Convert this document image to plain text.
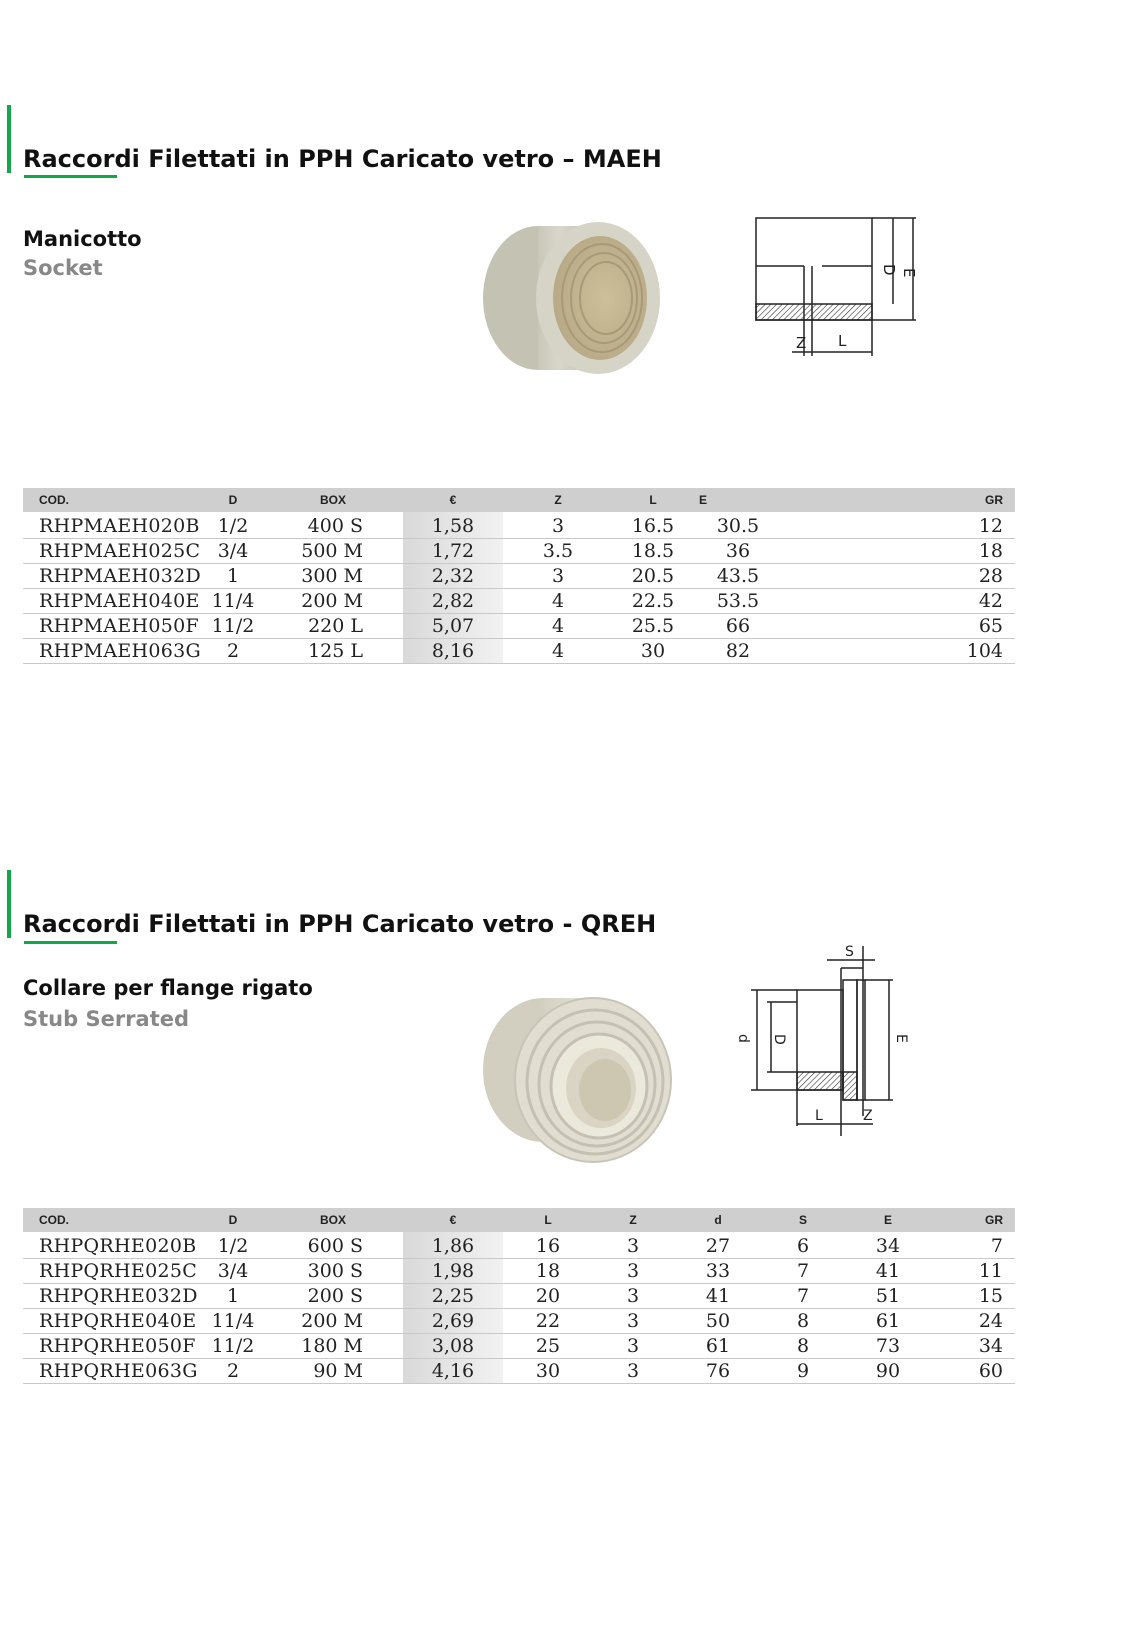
Raccordi Filettati in PPH Caricato vetro – MAEH
Manicotto
Socket	D E
Z L
COD.	D	BOX	€	Z	L	E	GR
RHPMAEH020B	1/2	400 S	1,58	3	16.5	30.5	12
RHPMAEH025C	3/4	500 M	1,72	3.5	18.5	36	18
RHPMAEH032D	1	300 M	2,32	3	20.5	43.5	28
RHPMAEH040E	11/4	200 M	2,82	4	22.5	53.5	42
RHPMAEH050F	11/2	220 L	5,07	4	25.5	66	65
RHPMAEH063G	2	125 L	8,16	4	30	82	104
Raccordi Filettati in PPH Caricato vetro - QREH
Collare per flange rigato
Stub Serrated
S
d D	E
L	Z
COD.	D	BOX	€	L	Z	d	S	E	GR
RHPQRHE020B	1/2	600 S	1,86	16	3	27	6	34	7
RHPQRHE025C	3/4	300 S	1,98	18	3	33	7	41	11
RHPQRHE032D	1	200 S	2,25	20	3	41	7	51	15
RHPQRHE040E	11/4	200 M	2,69	22	3	50	8	61	24
RHPQRHE050F	11/2	180 M	3,08	25	3	61	8	73	34
RHPQRHE063G	2	90 M	4,16	30	3	76	9	90	60
